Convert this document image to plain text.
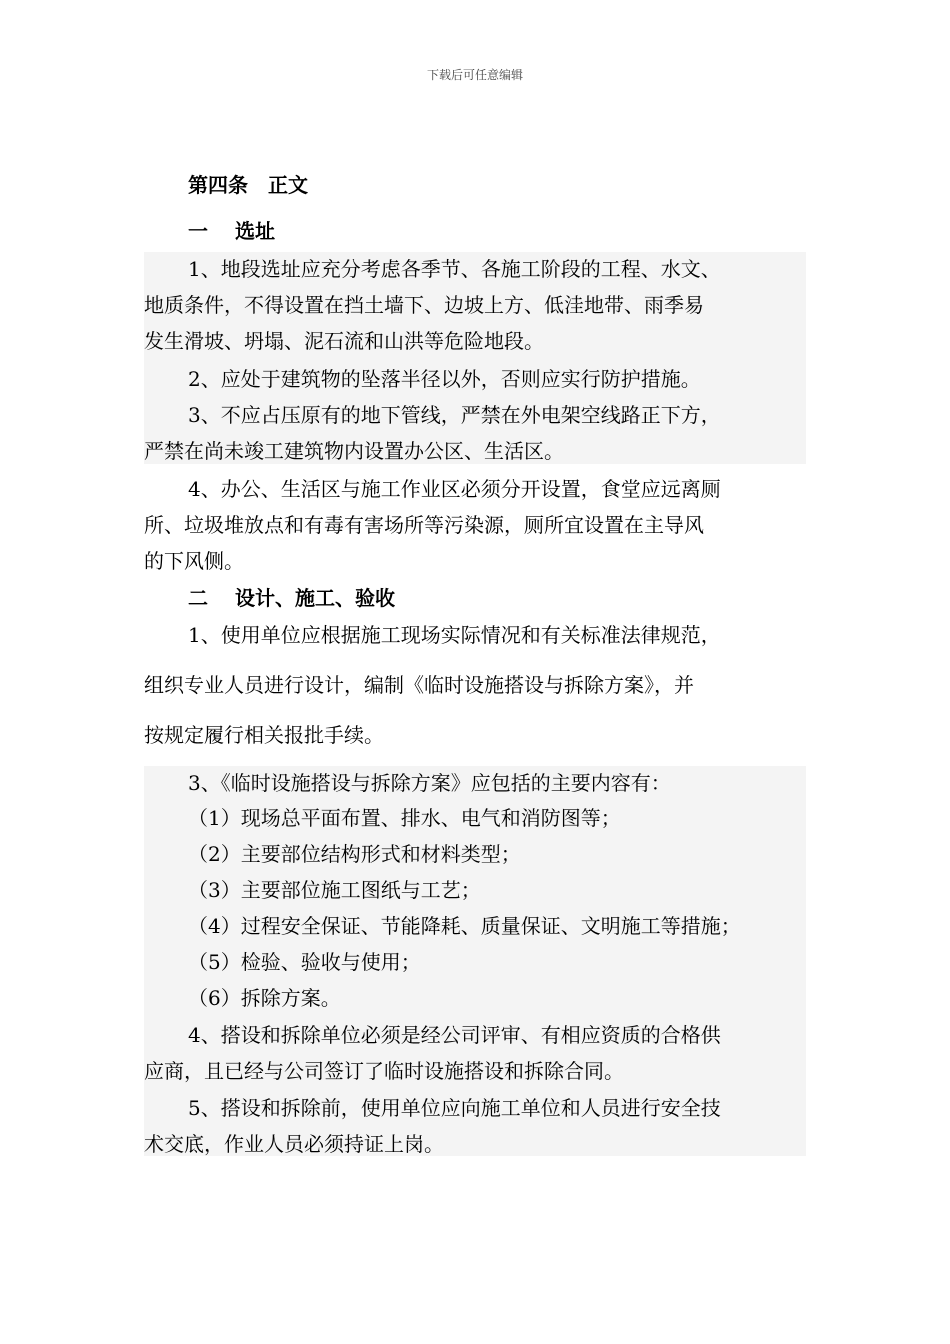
下载后可任意编辑
第四条　正文
一　 选址
1、地段选址应充分考虑各季节、各施工阶段的工程、水文、
地质条件，不得设置在挡土墙下、边坡上方、低洼地带、雨季易
发生滑坡、坍塌、泥石流和山洪等危险地段。
2、应处于建筑物的坠落半径以外，否则应实行防护措施。
3、不应占压原有的地下管线，严禁在外电架空线路正下方，
严禁在尚未竣工建筑物内设置办公区、生活区。
4、办公、生活区与施工作业区必须分开设置，食堂应远离厕
所、垃圾堆放点和有毒有害场所等污染源，厕所宜设置在主导风
的下风侧。
二　 设计、施工、验收
1、使用单位应根据施工现场实际情况和有关标准法律规范，
组织专业人员进行设计，编制《临时设施搭设与拆除方案》，并
按规定履行相关报批手续。
3、《临时设施搭设与拆除方案》应包括的主要内容有：
（1）现场总平面布置、排水、电气和消防图等；
（2）主要部位结构形式和材料类型；
（3）主要部位施工图纸与工艺；
（4）过程安全保证、节能降耗、质量保证、文明施工等措施；
（5）检验、验收与使用；
（6）拆除方案。
4、搭设和拆除单位必须是经公司评审、有相应资质的合格供
应商，且已经与公司签订了临时设施搭设和拆除合同。
5、搭设和拆除前，使用单位应向施工单位和人员进行安全技
术交底，作业人员必须持证上岗。
